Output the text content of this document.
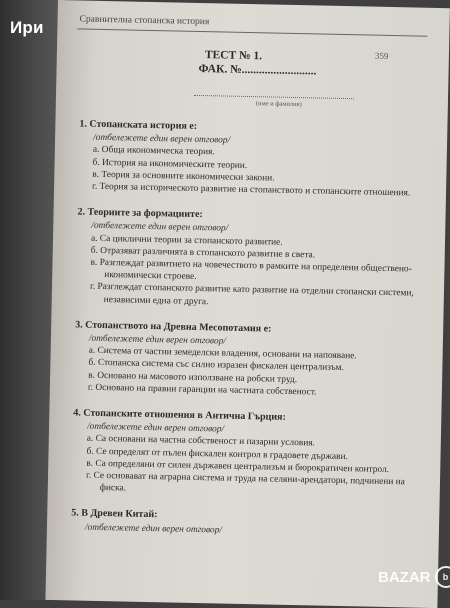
Сравнителна стопанска история
359
ТЕСТ № 1.
ФАК. №..........................
(име и фамилия)
1. Стопанската история е:
/отбележете един верен отговор/
а. Обща икономическа теория.
б. История на икономическите теории.
в. Теория за основните икономически закони.
г. Теория за историческото развитие на стопанството и стопанските отношения.
2. Теориите за формациите:
/отбележете един верен отговор/
а. Са циклични теории за стопанското развитие.
б. Отразяват различията в стопанското развитие в света.
в. Разглеждат развитието на човечеството в рамките на определени обществено-икономически строеве.
г. Разглеждат стопанското развитие като развитие на отделни стопански системи, независими една от друга.
3. Стопанството на Древна Месопотамия е:
/отбележете един верен отговор/
а. Система от частни земеделски владения, основани на напояване.
б. Стопанска система със силно изразен фискален централизъм.
в. Основано на масовото използване на робски труд.
г. Основано на правни гаранции на частната собственост.
4. Стопанските отношения в Антична Гърция:
/отбележете един верен отговор/
а. Са основани на частна собственост и пазарни условия.
б. Се определят от пълен фискален контрол в градовете държави.
в. Са определяни от силен държавен централизъм и бюрократичен контрол.
г. Се основават на аграрна система и труда на селяни-арендатори, подчинени на фиска.
5. В Древен Китай:
/отбележете един верен отговор/
Ири
BAZAR	b
